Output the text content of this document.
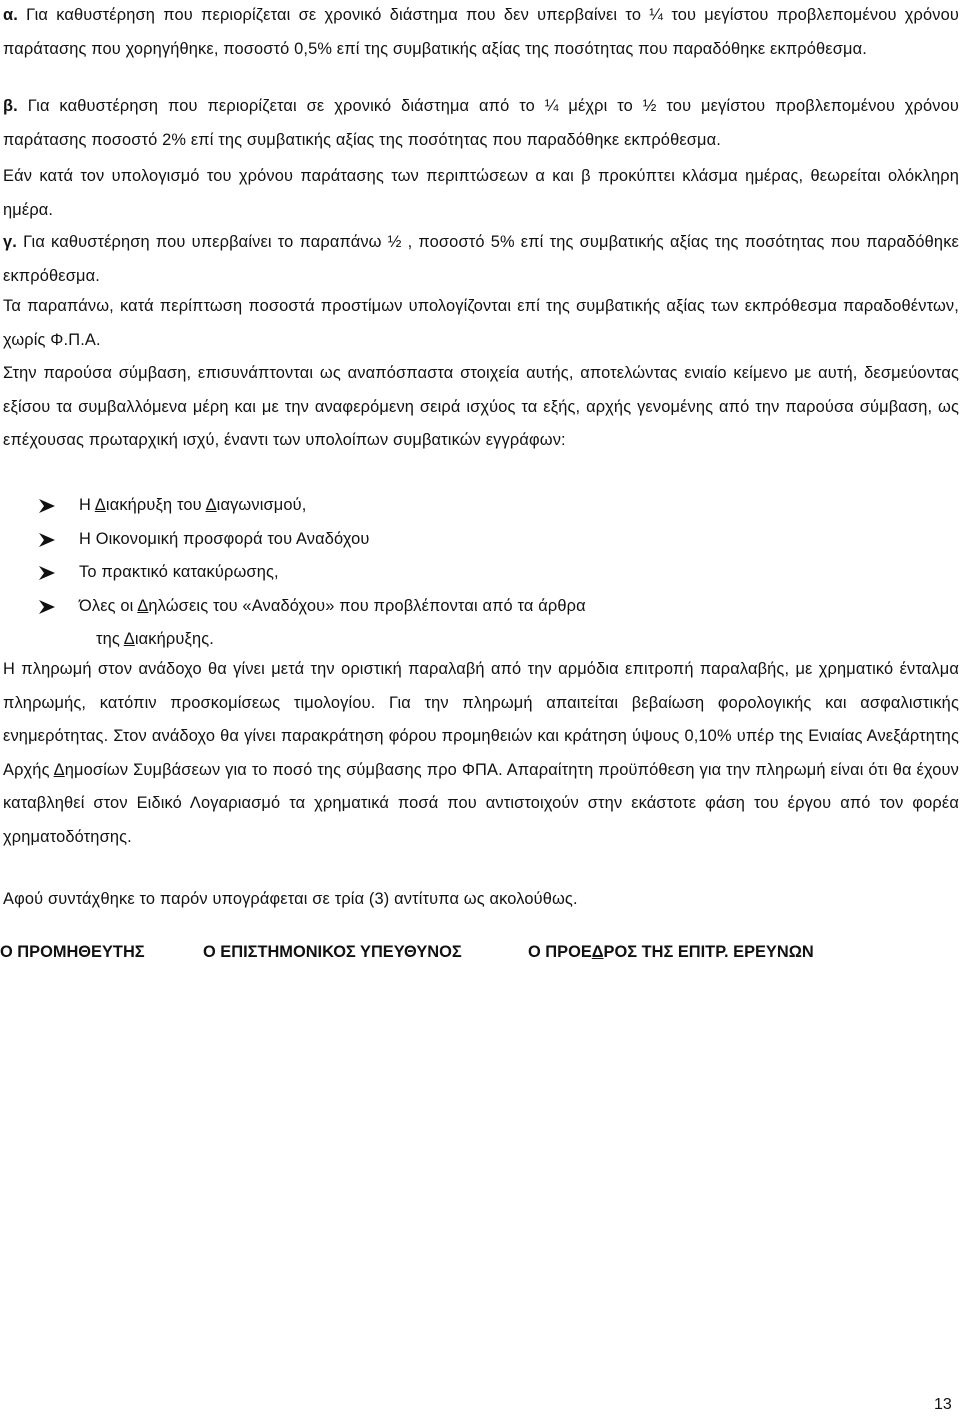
α. Για καθυστέρηση που περιορίζεται σε χρονικό διάστημα που δεν υπερβαίνει το ¼ του μεγίστου προβλεπομένου χρόνου παράτασης που χορηγήθηκε, ποσοστό 0,5% επί της συμβατικής αξίας της ποσότητας που παραδόθηκε εκπρόθεσμα.

β. Για καθυστέρηση που περιορίζεται σε χρονικό διάστημα από το ¼ μέχρι το ½ του μεγίστου προβλεπομένου χρόνου παράτασης ποσοστό 2% επί της συμβατικής αξίας της ποσότητας που παραδόθηκε εκπρόθεσμα.

Εάν κατά τον υπολογισμό του χρόνου παράτασης των περιπτώσεων α και β προκύπτει κλάσμα ημέρας, θεωρείται ολόκληρη ημέρα.

γ. Για καθυστέρηση που υπερβαίνει το παραπάνω ½ , ποσοστό 5% επί της συμβατικής αξίας της ποσότητας που παραδόθηκε εκπρόθεσμα.

Τα παραπάνω, κατά περίπτωση ποσοστά προστίμων υπολογίζονται επί της συμβατικής αξίας των εκπρόθεσμα παραδοθέντων, χωρίς Φ.Π.Α.

Στην παρούσα σύμβαση, επισυνάπτονται ως αναπόσπαστα στοιχεία αυτής, αποτελώντας ενιαίο κείμενο με αυτή, δεσμεύοντας εξίσου τα συμβαλλόμενα μέρη και με την αναφερόμενη σειρά ισχύος τα εξής, αρχής γενομένης από την παρούσα σύμβαση, ως επέχουσας πρωταρχική ισχύ, έναντι των υπολοίπων συμβατικών εγγράφων:

Η Διακήρυξη του Διαγωνισμού,
Η Οικονομική προσφορά του Αναδόχου
Το πρακτικό κατακύρωσης,
Όλες οι Δηλώσεις του «Αναδόχου» που προβλέπονται από τα άρθρα
της Διακήρυξης.

Η πληρωμή στον ανάδοχο θα γίνει μετά την οριστική παραλαβή από την αρμόδια επιτροπή παραλαβής, με χρηματικό ένταλμα πληρωμής, κατόπιν προσκομίσεως τιμολογίου. Για την πληρωμή απαιτείται βεβαίωση φορολογικής και ασφαλιστικής ενημερότητας. Στον ανάδοχο θα γίνει παρακράτηση φόρου προμηθειών και κράτηση ύψους 0,10% υπέρ της Ενιαίας Ανεξάρτητης Αρχής Δημοσίων Συμβάσεων για το ποσό της σύμβασης προ ΦΠΑ. Απαραίτητη προϋπόθεση για την πληρωμή είναι ότι θα έχουν καταβληθεί στον Ειδικό Λογαριασμό τα χρηματικά ποσά που αντιστοιχούν στην εκάστοτε φάση του έργου από τον φορέα χρηματοδότησης.

Αφού συντάχθηκε το παρόν υπογράφεται σε τρία (3) αντίτυπα ως ακολούθως.

Ο ΠΡΟΜΗΘΕΥΤΗΣ	Ο ΕΠΙΣΤΗΜΟΝΙΚΟΣ ΥΠΕΥΘΥΝΟΣ	Ο ΠΡΟΕΔΡΟΣ ΤΗΣ ΕΠΙΤΡ. ΕΡΕΥΝΩΝ
13
